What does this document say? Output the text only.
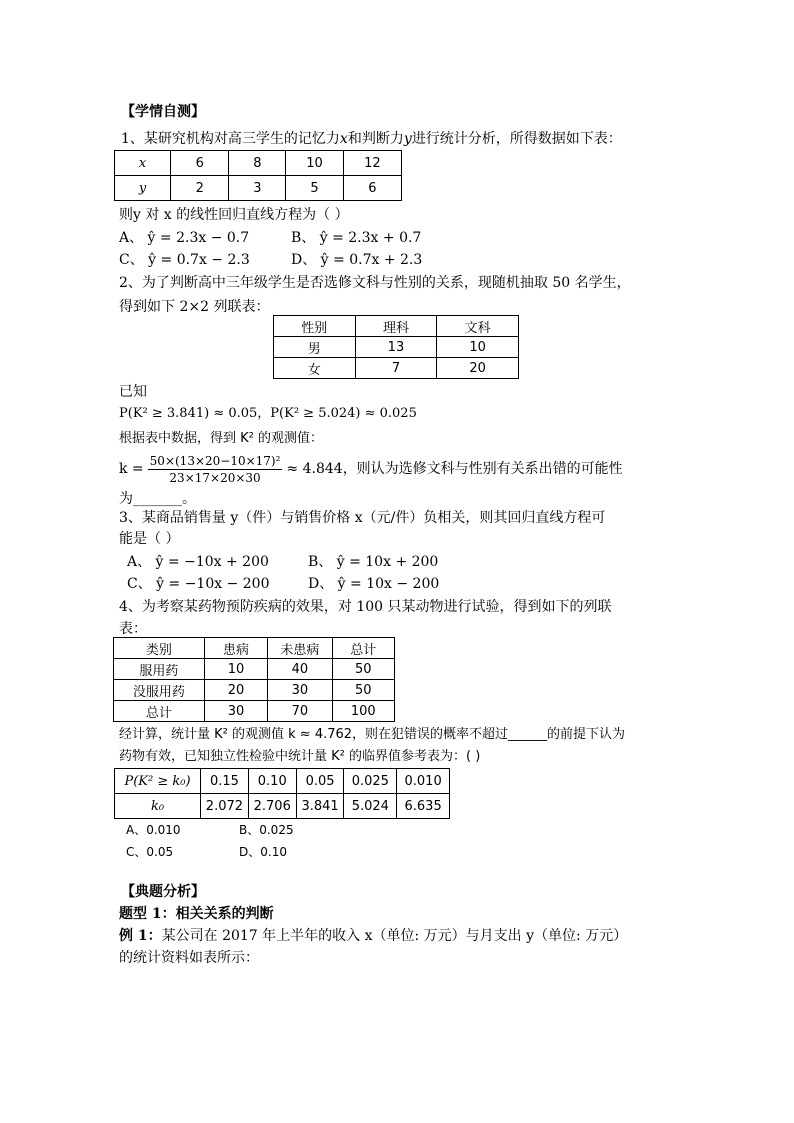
【学情自测】
1、某研究机构对高三学生的记忆力x和判断力y进行统计分析，所得数据如下表：
x	6	8	10	12
y	2	3	5	6
则y 对 x 的线性回归直线方程为（ ）
A、 ŷ = 2.3x − 0.7	B、 ŷ = 2.3x + 0.7
C、 ŷ = 0.7x − 2.3	D、 ŷ = 0.7x + 2.3
2、为了判断高中三年级学生是否选修文科与性别的关系，现随机抽取 50 名学生，
得到如下 2×2 列联表：
性别	理科	文科
男	13	10
女	7	20
已知
P(K² ≥ 3.841) ≈ 0.05，P(K² ≥ 5.024) ≈ 0.025
根据表中数据，得到 K² 的观测值：
$k = \frac{\text{50×(13×20−10×17)²}}{23\times 17\times 20\times 30} \approx 4.844$ ，则认为选修文科与性别有关系出错的可能性
为_______。
3、某商品销售量 y（件）与销售价格 x（元/件）负相关，则其回归直线方程可
能是（ ）
A、 ŷ = −10x + 200	B、 ŷ = 10x + 200
C、 ŷ = −10x − 200	D、 ŷ = 10x − 200
4、为考察某药物预防疾病的效果，对 100 只某动物进行试验，得到如下的列联
表：
类别	患病	未患病	总计
服用药	10	40	50
没服用药	20	30	50
总计	30	70	100
经计算，统计量 K² 的观测值 k ≈ 4.762，则在犯错误的概率不超过______的前提下认为
药物有效，已知独立性检验中统计量 K² 的临界值参考表为：( )
P(K² ≥ k₀)	0.15	0.10	0.05	0.025	0.010
k₀	2.072	2.706	3.841	5.024	6.635
A、0.010	B、0.025
C、0.05	D、0.10
【典题分析】
题型 1：相关关系的判断
例 1：某公司在 2017 年上半年的收入 x（单位: 万元）与月支出 y（单位: 万元）
的统计资料如表所示：
